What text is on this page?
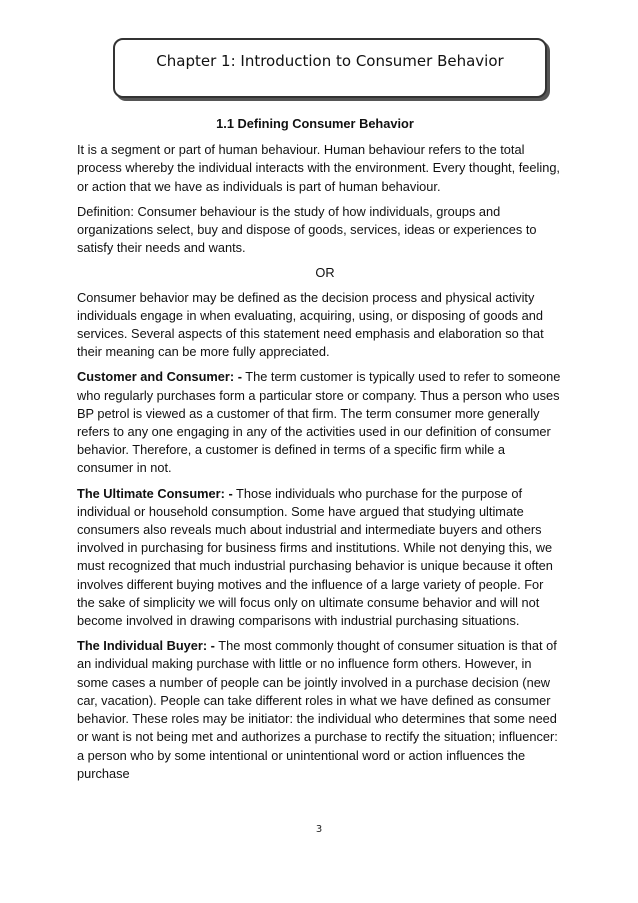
Chapter 1: Introduction to Consumer Behavior

1.1 Defining Consumer Behavior

It is a segment or part of human behaviour. Human behaviour refers to the total process whereby the individual interacts with the environment. Every thought, feeling, or action that we have as individuals is part of human behaviour.

Definition: Consumer behaviour is the study of how individuals, groups and organizations select, buy and dispose of goods, services, ideas or experiences to satisfy their needs and wants.

OR

Consumer behavior may be defined as the decision process and physical activity individuals engage in when evaluating, acquiring, using, or disposing of goods and services. Several aspects of this statement need emphasis and elaboration so that their meaning can be more fully appreciated.

Customer and Consumer: - The term customer is typically used to refer to someone who regularly purchases form a particular store or company. Thus a person who uses BP petrol is viewed as a customer of that firm. The term consumer more generally refers to any one engaging in any of the activities used in our definition of consumer behavior. Therefore, a customer is defined in terms of a specific firm while a consumer in not.

The Ultimate Consumer: - Those individuals who purchase for the purpose of individual or household consumption. Some have argued that studying ultimate consumers also reveals much about industrial and intermediate buyers and others involved in purchasing for business firms and institutions. While not denying this, we must recognized that much industrial purchasing behavior is unique because it often involves different buying motives and the influence of a large variety of people. For the sake of simplicity we will focus only on ultimate consume behavior and will not become involved in drawing comparisons with industrial purchasing situations.

The Individual Buyer: - The most commonly thought of consumer situation is that of an individual making purchase with little or no influence form others. However, in some cases a number of people can be jointly involved in a purchase decision (new car, vacation). People can take different roles in what we have defined as consumer behavior. These roles may be initiator: the individual who determines that some need or want is not being met and authorizes a purchase to rectify the situation; influencer: a person who by some intentional or unintentional word or action influences the purchase

3
